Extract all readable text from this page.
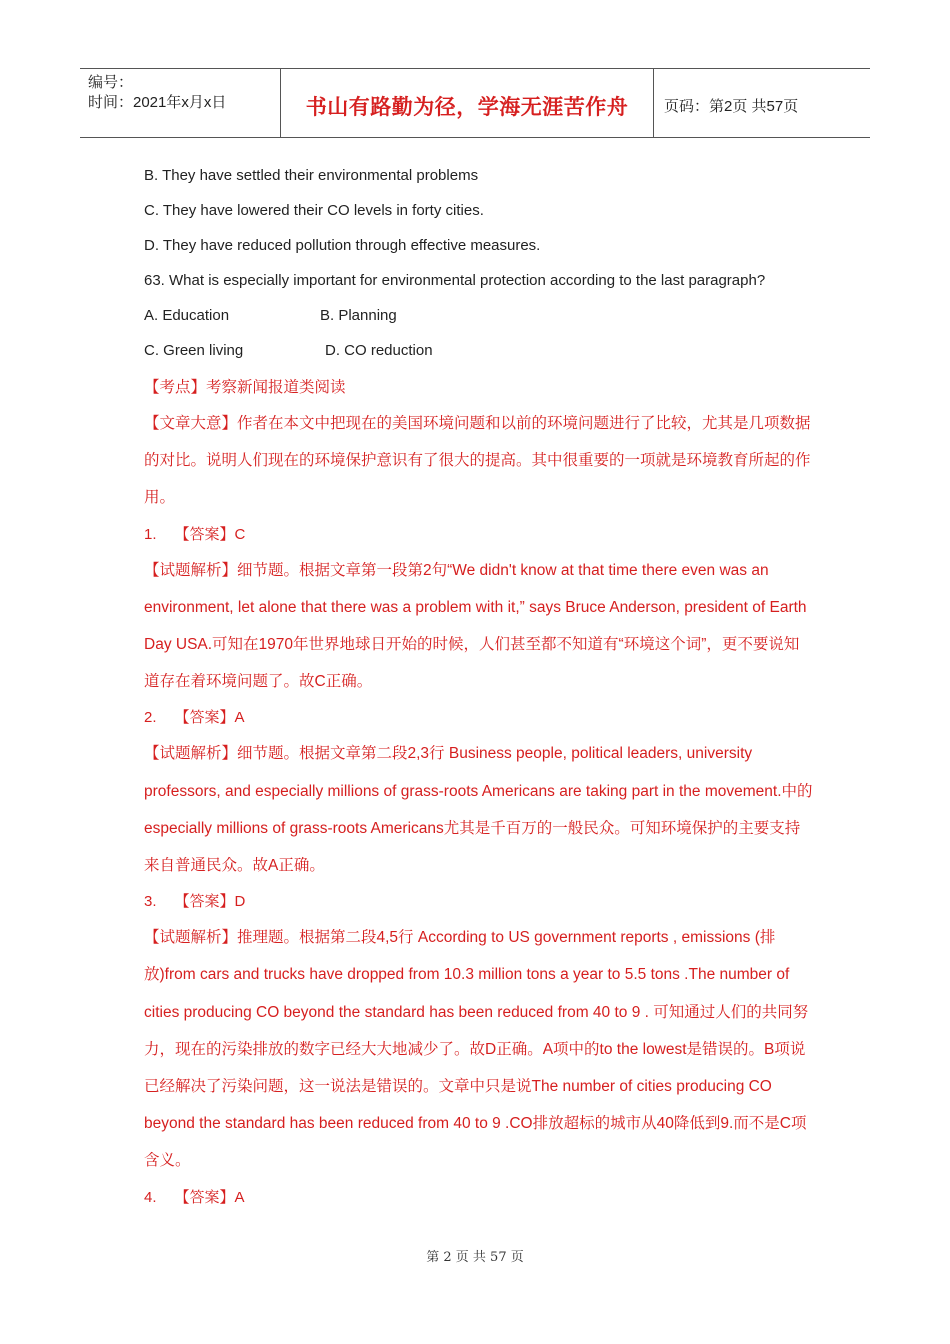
编号：
时间：2021年x月x日	书山有路勤为径，学海无涯苦作舟	页码：第2页 共57页
B. They have settled their environmental problems
C. They have lowered their CO levels in forty cities.
D. They have reduced pollution through effective measures.
63. What is especially important for environmental protection according to the last paragraph?
A. Education	B. Planning
C. Green living	D. CO reduction

【考点】考察新闻报道类阅读

【文章大意】作者在本文中把现在的美国环境问题和以前的环境问题进行了比较，尤其是几项数据的对比。说明人们现在的环境保护意识有了很大的提高。其中很重要的一项就是环境教育所起的作用。

1. 【答案】C

【试题解析】细节题。根据文章第一段第2句“We didn't know at that time there even was an environment, let alone that there was a problem with it,” says Bruce Anderson, president of Earth Day USA.可知在1970年世界地球日开始的时候，人们甚至都不知道有“环境这个词”，更不要说知道存在着环境问题了。故C正确。

2. 【答案】A

【试题解析】细节题。根据文章第二段2,3行 Business people, political leaders, university professors, and especially millions of grass-roots Americans are taking part in the movement.中的especially millions of grass-roots Americans尤其是千百万的一般民众。可知环境保护的主要支持来自普通民众。故A正确。

3. 【答案】D

【试题解析】推理题。根据第二段4,5行 According to US government reports , emissions (排放)from cars and trucks have dropped from 10.3 million tons a year to 5.5 tons .The number of cities producing CO beyond the standard has been reduced from 40 to 9 . 可知通过人们的共同努力，现在的污染排放的数字已经大大地减少了。故D正确。A项中的to the lowest是错误的。B项说已经解决了污染问题，这一说法是错误的。文章中只是说The number of cities producing CO beyond the standard has been reduced from 40 to 9 .CO排放超标的城市从40降低到9.而不是C项含义。

4. 【答案】A
第 2 页 共 57 页
